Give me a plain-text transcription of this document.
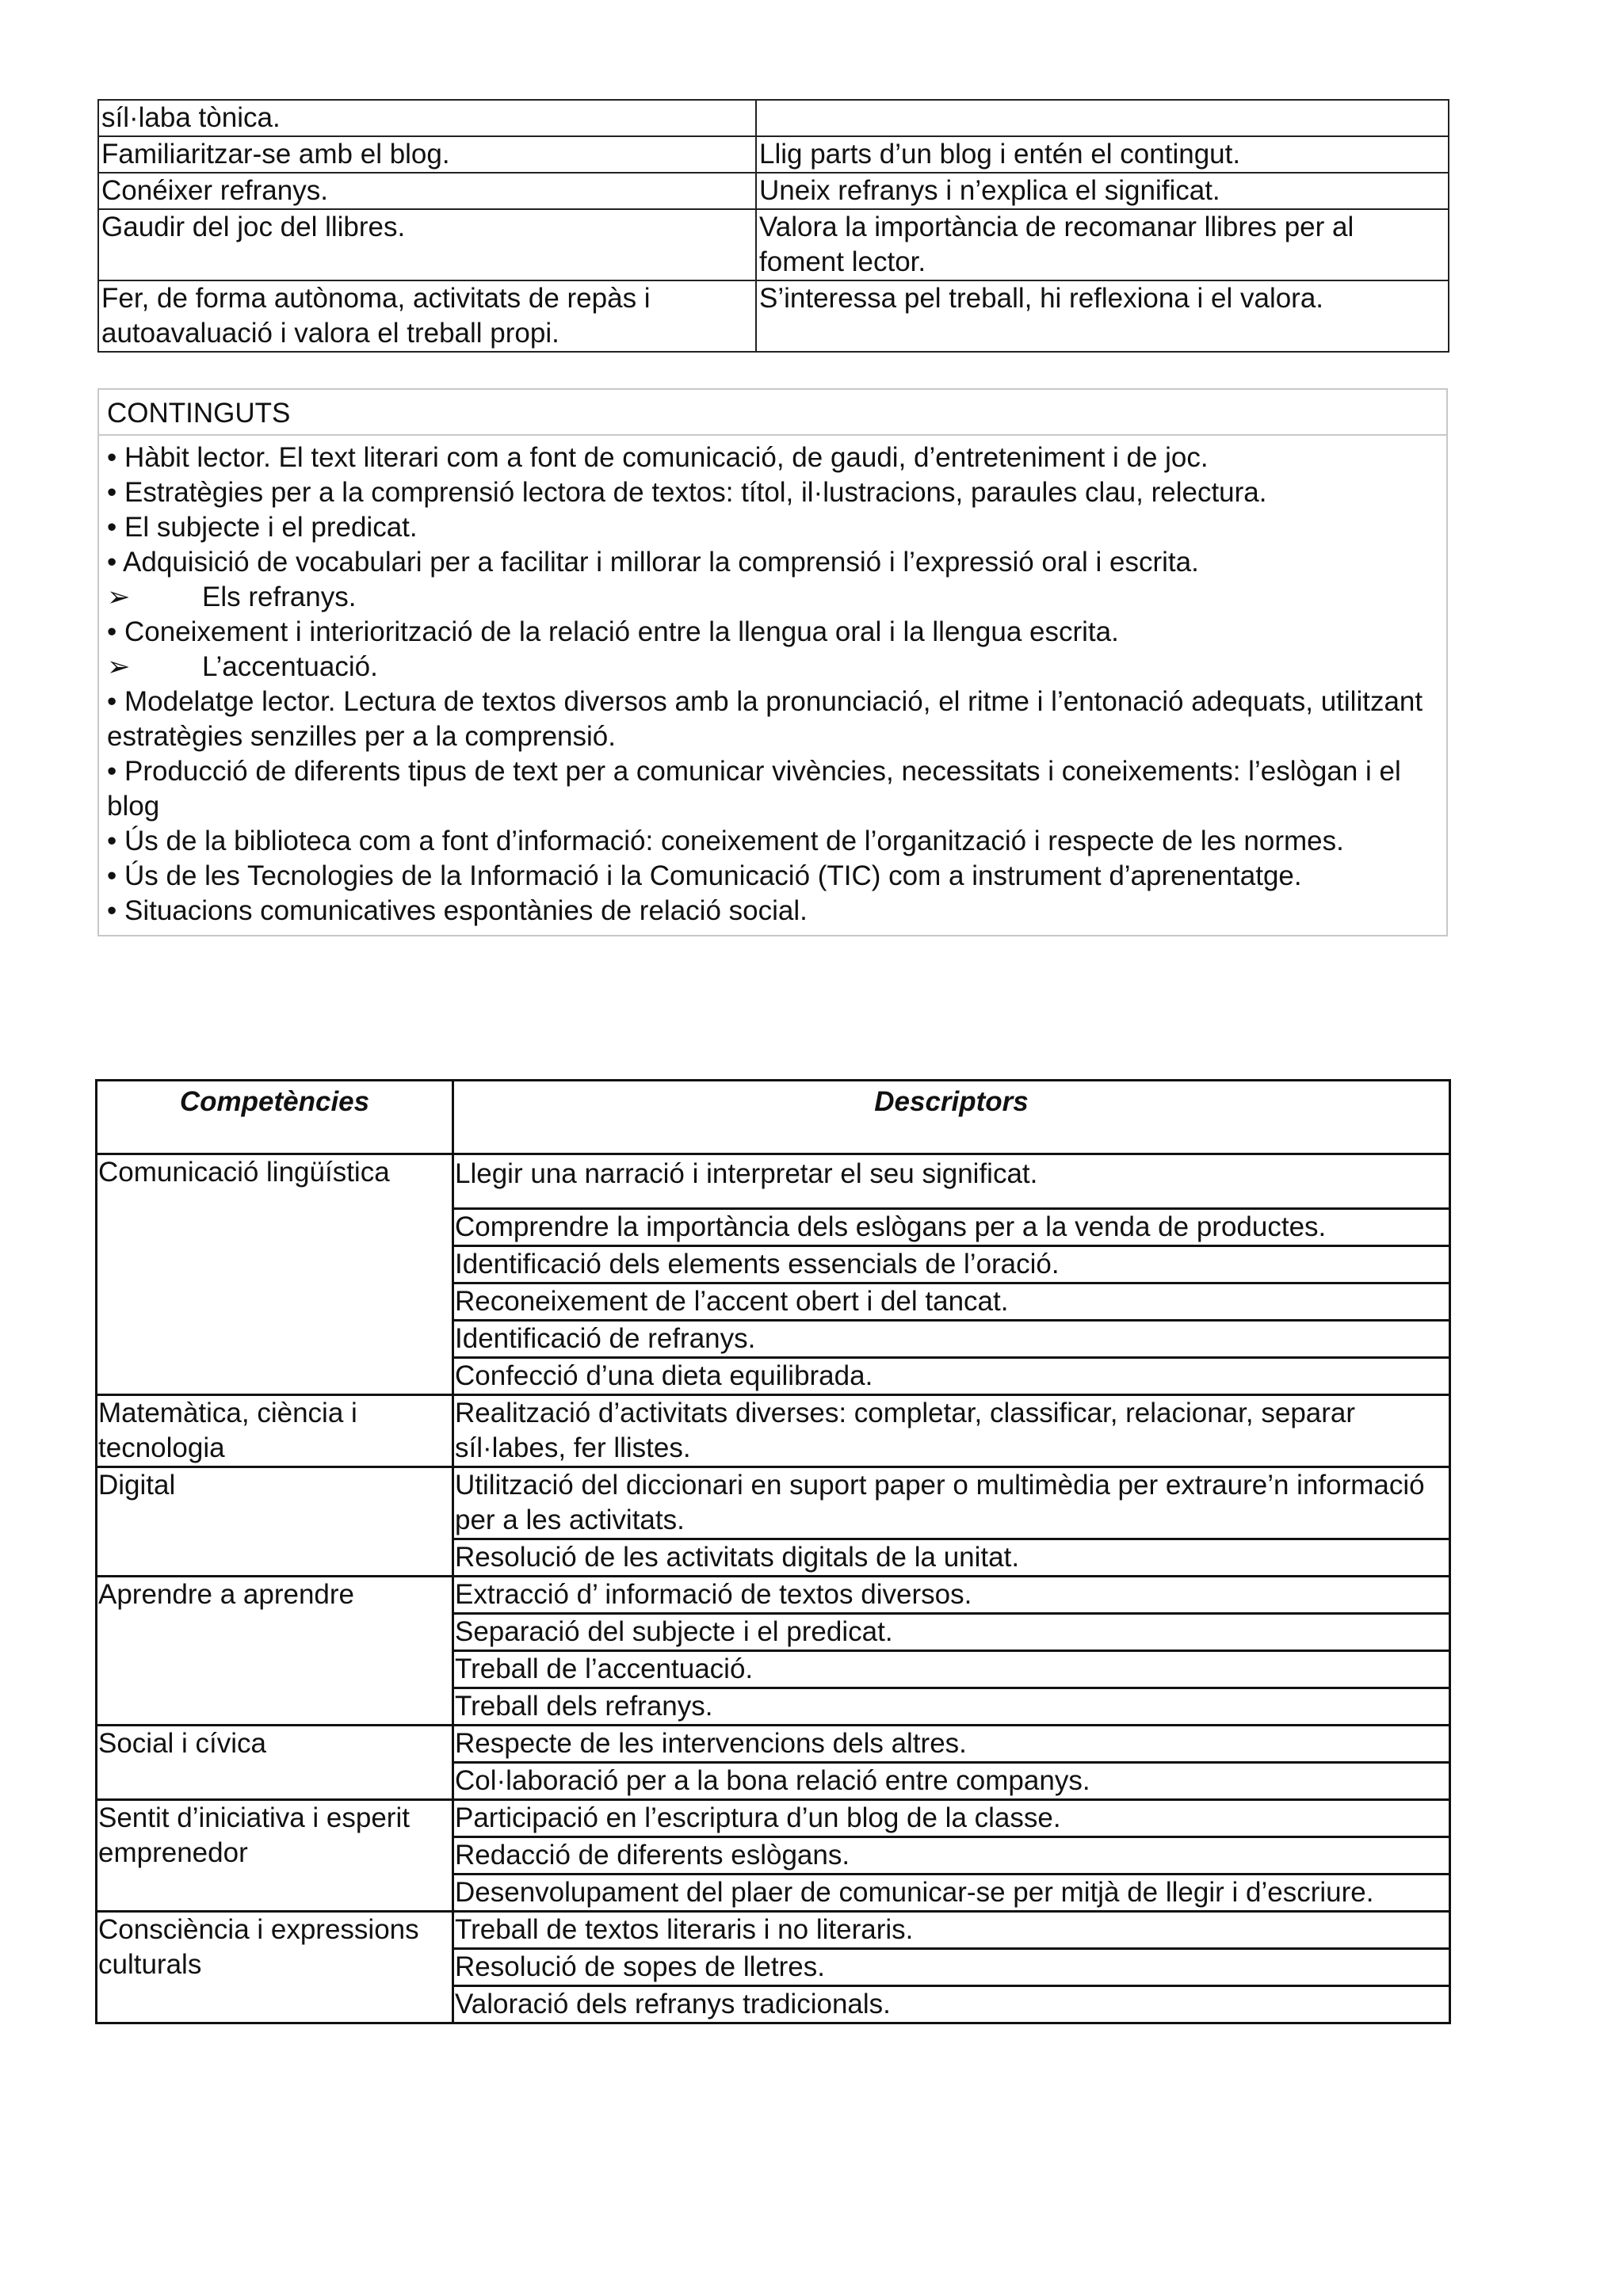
síl·laba tònica.	
Familiaritzar-se amb el blog.	Llig parts d’un blog i entén el contingut.
Conéixer refranys.	Uneix refranys i n’explica el significat.
Gaudir del joc del llibres.	Valora la importància de recomanar llibres per al foment lector.
Fer, de forma autònoma, activitats de repàs i autoavaluació i valora el treball propi.	S’interessa pel treball, hi reflexiona i el valora.
CONTINGUTS
• Hàbit lector. El text literari com a font de comunicació, de gaudi, d’entreteniment i de joc.
• Estratègies per a la comprensió lectora de textos: títol, il·lustracions, paraules clau, relectura.
• El subjecte i el predicat.
• Adquisició de vocabulari per a facilitar i millorar la comprensió i l’expressió oral i escrita.
➢	Els refranys.
• Coneixement i interiorització de la relació entre la llengua oral i la llengua escrita.
➢	L’accentuació.
• Modelatge lector. Lectura de textos diversos amb la pronunciació, el ritme i l’entonació adequats, utilitzant estratègies senzilles per a la comprensió.
• Producció de diferents tipus de text per a comunicar vivències, necessitats i coneixements: l’eslògan i el blog
• Ús de la biblioteca com a font d’informació: coneixement de l’organització i respecte de les normes.
• Ús de les Tecnologies de la Informació i la Comunicació (TIC) com a instrument d’aprenentatge.
• Situacions comunicatives espontànies de relació social.
Competències	Descriptors
Comunicació lingüística	Llegir una narració i interpretar el seu significat.
	Comprendre la importància dels eslògans per a la venda de productes.
	Identificació dels elements essencials de l’oració.
	Reconeixement de l’accent obert i del tancat.
	Identificació de refranys.
	Confecció d’una dieta equilibrada.
Matemàtica, ciència i tecnologia	Realització d’activitats diverses: completar, classificar, relacionar, separar síl·labes, fer llistes.
Digital	Utilització del diccionari en suport paper o multimèdia per extraure’n informació per a les activitats.
	Resolució de les activitats digitals de la unitat.
Aprendre a aprendre	Extracció d’ informació de textos diversos.
	Separació del subjecte i el predicat.
	Treball de l’accentuació.
	Treball dels refranys.
Social i cívica	Respecte de les intervencions dels altres.
	Col·laboració per a la bona relació entre companys.
Sentit d’iniciativa i esperit emprenedor	Participació en l’escriptura d’un blog de la classe.
	Redacció de diferents eslògans.
	Desenvolupament del plaer de comunicar-se per mitjà de llegir i d’escriure.
Consciència i expressions culturals	Treball de textos literaris i no literaris.
	Resolució de sopes de lletres.
	Valoració dels refranys tradicionals.
